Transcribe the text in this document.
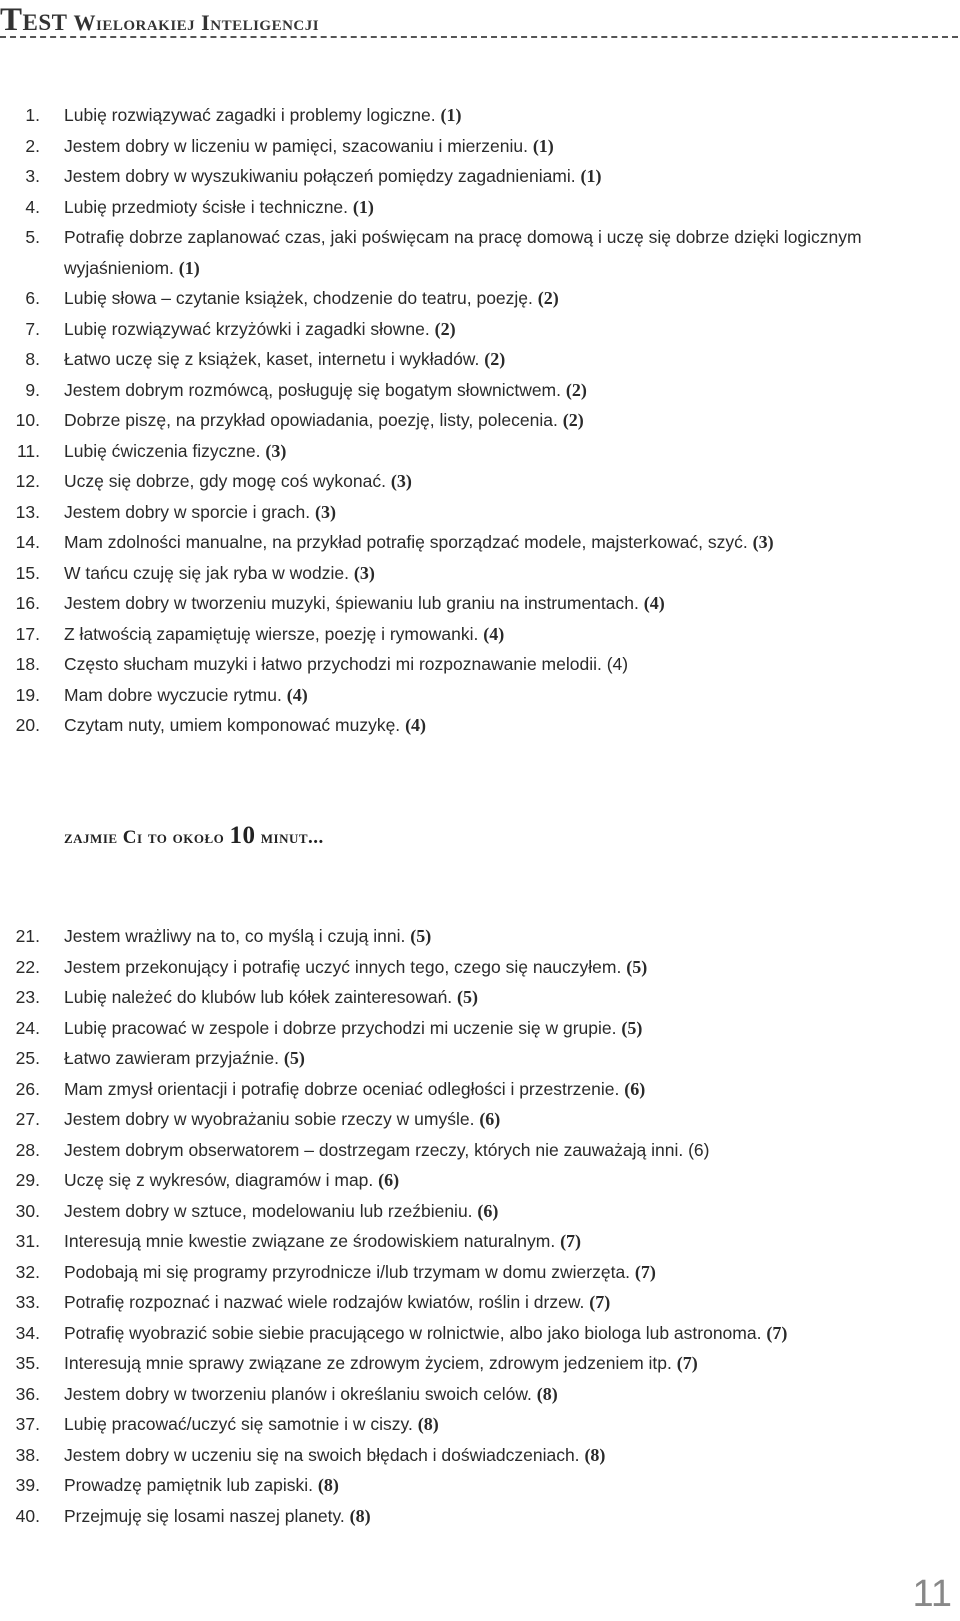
Test Wielorakiej Inteligencji
1. Lubię rozwiązywać zagadki i problemy logiczne. (1)
2. Jestem dobry w liczeniu w pamięci, szacowaniu i mierzeniu. (1)
3. Jestem dobry w wyszukiwaniu połączeń pomiędzy zagadnieniami. (1)
4. Lubię przedmioty ścisłe i techniczne. (1)
5. Potrafię dobrze zaplanować czas, jaki poświęcam na pracę domową i uczę się dobrze dzięki logicznym wyjaśnieniom. (1)
6. Lubię słowa – czytanie książek, chodzenie do teatru, poezję. (2)
7. Lubię rozwiązywać krzyżówki i zagadki słowne. (2)
8. Łatwo uczę się z książek, kaset, internetu i wykładów. (2)
9. Jestem dobrym rozmówcą, posługuję się bogatym słownictwem. (2)
10. Dobrze piszę, na przykład opowiadania, poezję, listy, polecenia. (2)
11. Lubię ćwiczenia fizyczne. (3)
12. Uczę się dobrze, gdy mogę coś wykonać. (3)
13. Jestem dobry w sporcie i grach. (3)
14. Mam zdolności manualne, na przykład potrafię sporządzać modele, majsterkować, szyć. (3)
15. W tańcu czuję się jak ryba w wodzie. (3)
16. Jestem dobry w tworzeniu muzyki, śpiewaniu lub graniu na instrumentach. (4)
17. Z łatwością zapamiętuję wiersze, poezję i rymowanki. (4)
18. Często słucham muzyki i łatwo przychodzi mi rozpoznawanie melodii. (4)
19. Mam dobre wyczucie rytmu. (4)
20. Czytam nuty, umiem komponować muzykę. (4)
zajmie Ci to około 10 minut...
21. Jestem wrażliwy na to, co myślą i czują inni. (5)
22. Jestem przekonujący i potrafię uczyć innych tego, czego się nauczyłem. (5)
23. Lubię należeć do klubów lub kółek zainteresowań. (5)
24. Lubię pracować w zespole i dobrze przychodzi mi uczenie się w grupie. (5)
25. Łatwo zawieram przyjaźnie. (5)
26. Mam zmysł orientacji i potrafię dobrze oceniać odległości i przestrzenie. (6)
27. Jestem dobry w wyobrażaniu sobie rzeczy w umyśle. (6)
28. Jestem dobrym obserwatorem – dostrzegam rzeczy, których nie zauważają inni. (6)
29. Uczę się z wykresów, diagramów i map. (6)
30. Jestem dobry w sztuce, modelowaniu lub rzeźbieniu. (6)
31. Interesują mnie kwestie związane ze środowiskiem naturalnym. (7)
32. Podobają mi się programy przyrodnicze i/lub trzymam w domu zwierzęta. (7)
33. Potrafię rozpoznać i nazwać wiele rodzajów kwiatów, roślin i drzew. (7)
34. Potrafię wyobrazić sobie siebie pracującego w rolnictwie, albo jako biologa lub astronoma. (7)
35. Interesują mnie sprawy związane ze zdrowym życiem, zdrowym jedzeniem itp. (7)
36. Jestem dobry w tworzeniu planów i określaniu swoich celów. (8)
37. Lubię pracować/uczyć się samotnie i w ciszy. (8)
38. Jestem dobry w uczeniu się na swoich błędach i doświadczeniach. (8)
39. Prowadzę pamiętnik lub zapiski. (8)
40. Przejmuję się losami naszej planety. (8)
11
